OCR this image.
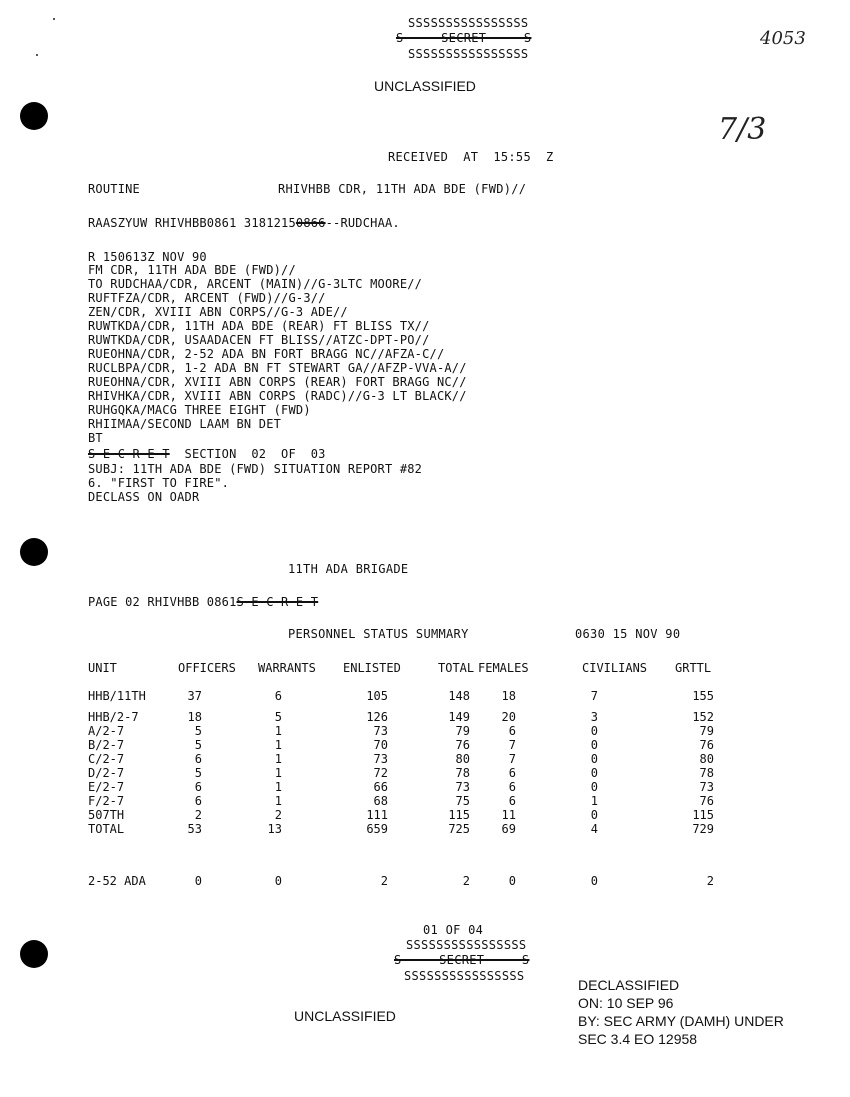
SSSSSSSSSSSSSSSS
S     SECRET     S
SSSSSSSSSSSSSSSS
UNCLASSIFIED
4053
7/3
RECEIVED  AT  15:55  Z
ROUTINE	RHIVHBB CDR, 11TH ADA BDE (FWD)//
RAASZYUW RHIVHBB0861 31812150866--RUDCHAA.
R 150613Z NOV 90
FM CDR, 11TH ADA BDE (FWD)//
TO RUDCHAA/CDR, ARCENT (MAIN)//G-3LTC MOORE//
RUFTFZA/CDR, ARCENT (FWD)//G-3//
ZEN/CDR, XVIII ABN CORPS//G-3 ADE//
RUWTKDA/CDR, 11TH ADA BDE (REAR) FT BLISS TX//
RUWTKDA/CDR, USAADACEN FT BLISS//ATZC-DPT-PO//
RUEOHNA/CDR, 2-52 ADA BN FORT BRAGG NC//AFZA-C//
RUCLBPA/CDR, 1-2 ADA BN FT STEWART GA//AFZP-VVA-A//
RUEOHNA/CDR, XVIII ABN CORPS (REAR) FORT BRAGG NC//
RHIVHKA/CDR, XVIII ABN CORPS (RADC)//G-3 LT BLACK//
RUHGQKA/MACG THREE EIGHT (FWD)
RHIIMAA/SECOND LAAM BN DET
BT
S E C R E T  SECTION  02  OF  03
SUBJ: 11TH ADA BDE (FWD) SITUATION REPORT #82
6. "FIRST TO FIRE".
DECLASS ON OADR
11TH ADA BRIGADE
PAGE 02 RHIVHBB 0861S E C R E T
PERSONNEL STATUS SUMMARY	0630 15 NOV 90
UNIT	OFFICERS WARRANTS ENLISTED	TOTAL FEMALES	CIVILIANS GRTTL
HHB/11TH	37	6	105	148	18	7	155
HHB/2-7	18	5	126	149	20	3	152
A/2-7	5	1	73	79	6	0	79
B/2-7	5	1	70	76	7	0	76
C/2-7	6	1	73	80	7	0	80
D/2-7	5	1	72	78	6	0	78
E/2-7	6	1	66	73	6	0	73
F/2-7	6	1	68	75	6	1	76
507TH	2	2	111	115	11	0	115
TOTAL	53	13	659	725	69	4	729
2-52 ADA	0	0	2	2	0	0	2
01 OF 04
SSSSSSSSSSSSSSSS
S     SECRET     S
SSSSSSSSSSSSSSSS
UNCLASSIFIED
DECLASSIFIED
ON: 10 SEP 96
BY: SEC ARMY (DAMH) UNDER
SEC 3.4 EO 12958
